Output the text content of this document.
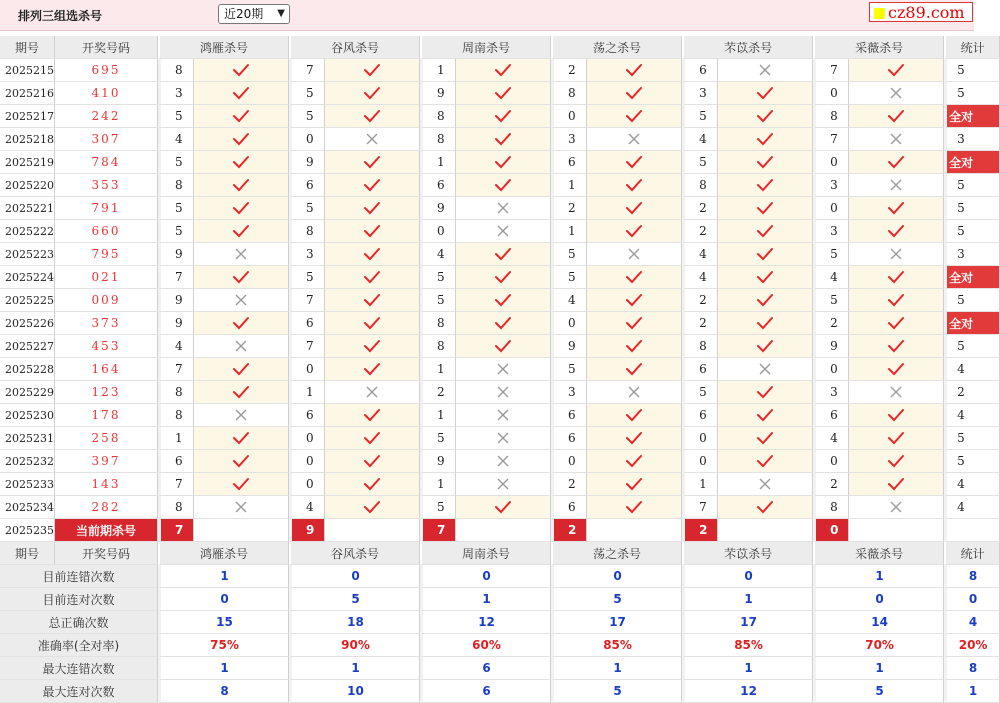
排列三组选杀号	近20期 ▼	cz89.com
期号	开奖号码	鸿雁杀号		谷风杀号		周南杀号		荡之杀号		芣苡杀号		采薇杀号		统计
2025215	695	8		7		1		2		6		7		5
2025216	410	3		5		9		8		3		0		5
2025217	242	5		5		8		0		5		8		全对
2025218	307	4		0		8		3		4		7		3
2025219	784	5		9		1		6		5		0		全对
2025220	353	8		6		6		1		8		3		5
2025221	791	5		5		9		2		2		0		5
2025222	660	5		8		0		1		2		3		5
2025223	795	9		3		4		5		4		5		3
2025224	021	7		5		5		5		4		4		全对
2025225	009	9		7		5		4		2		5		5
2025226	373	9		6		8		0		2		2		全对
2025227	453	4		7		8		9		8		9		5
2025228	164	7		0		1		5		6		0		4
2025229	123	8		1		2		3		5		3		2
2025230	178	8		6		1		6		6		6		4
2025231	258	1		0		5		6		0		4		5
2025232	397	6		0		9		0		0		0		5
2025233	143	7		0		1		2		1		2		4
2025234	282	8		4		5		6		7		8		4
2025235	当前期杀号	7		9		7		2		2		0		
期号	开奖号码	鸿雁杀号		谷风杀号		周南杀号		荡之杀号		芣苡杀号		采薇杀号		统计
目前连错次数		1		0		0		0		0		1		8
目前连对次数		0		5		1		5		1		0		0
总正确次数		15		18		12		17		17		14		4
准确率(全对率)		75%		90%		60%		85%		85%		70%		20%
最大连错次数		1		1		6		1		1		1		8
最大连对次数		8		10		6		5		12		5		1
